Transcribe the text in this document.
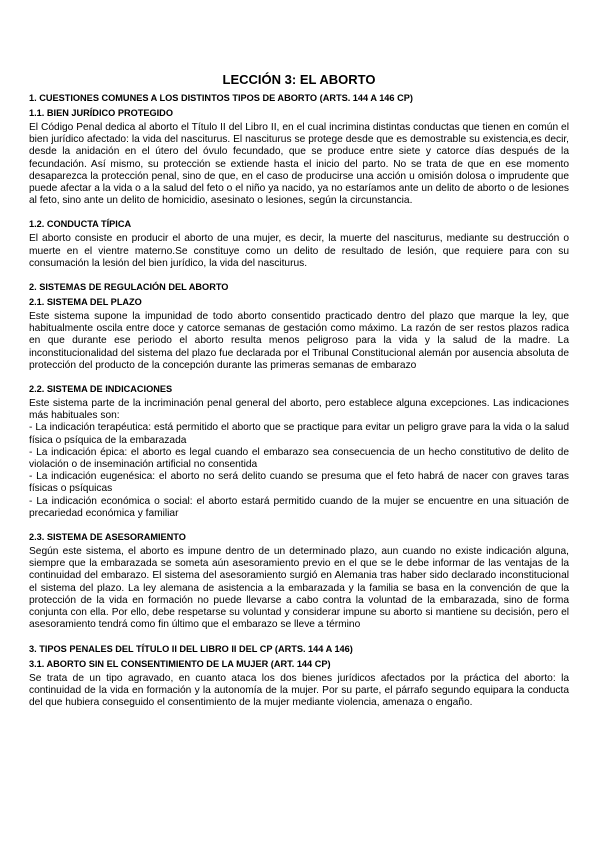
LECCIÓN 3: EL ABORTO
1. CUESTIONES COMUNES A LOS DISTINTOS TIPOS DE ABORTO (ARTS. 144 A 146 CP)
1.1. BIEN JURÍDICO PROTEGIDO

El Código Penal dedica al aborto el Título II del Libro II, en el cual incrimina distintas conductas que tienen en común el bien jurídico afectado: la vida del nasciturus. El nasciturus se protege desde que es demostrable su existencia,es decir, desde la anidación en el útero del óvulo fecundado, que se produce entre siete y catorce días después de la fecundación. Así mismo, su protección se extiende hasta el inicio del parto. No se trata de que en ese momento desaparezca la protección penal, sino de que, en el caso de producirse una acción u omisión dolosa o imprudente que puede afectar a la vida o a la salud del feto o el niño ya nacido, ya no estaríamos ante un delito de aborto o de lesiones al feto, sino ante un delito de homicidio, asesinato o lesiones, según la circunstancia.

1.2. CONDUCTA TÍPICA

El aborto consiste en producir el aborto de una mujer, es decir, la muerte del nasciturus, mediante su destrucción o muerte en el vientre materno.Se constituye como un delito de resultado de lesión, que requiere para con su consumación la lesión del bien jurídico, la vida del nasciturus.

2. SISTEMAS DE REGULACIÓN DEL ABORTO
2.1. SISTEMA DEL PLAZO

Este sistema supone la impunidad de todo aborto consentido practicado dentro del plazo que marque la ley, que habitualmente oscila entre doce y catorce semanas de gestación como máximo. La razón de ser restos plazos radica en que durante ese periodo el aborto resulta menos peligroso para la vida y la salud de la madre. La inconstitucionalidad del sistema del plazo fue declarada por el Tribunal Constitucional alemán por ausencia absoluta de protección del producto de la concepción durante las primeras semanas de embarazo

2.2. SISTEMA DE INDICACIONES

Este sistema parte de la incriminación penal general del aborto, pero establece alguna excepciones. Las indicaciones más habituales son:

- La indicación terapéutica: está permitido el aborto que se practique para evitar un peligro grave para la vida o la salud física o psíquica de la embarazada

- La indicación épica: el aborto es legal cuando el embarazo sea consecuencia de un hecho constitutivo de delito de violación o de inseminación artificial no consentida

- La indicación eugenésica: el aborto no será delito cuando se presuma que el feto habrá de nacer con graves taras físicas o psíquicas

- La indicación económica o social: el aborto estará permitido cuando de la mujer se encuentre en una situación de precariedad económica y familiar

2.3. SISTEMA DE ASESORAMIENTO

Según este sistema, el aborto es impune dentro de un determinado plazo, aun cuando no existe indicación alguna, siempre que la embarazada se someta aún asesoramiento previo en el que se le debe informar de las ventajas de la continuidad del embarazo. El sistema del asesoramiento surgió en Alemania tras haber sido declarado inconstitucional el sistema del plazo. La ley alemana de asistencia a la embarazada y la familia se basa en la convención de que la protección de la vida en formación no puede llevarse a cabo contra la voluntad de la embarazada, sino de forma conjunta con ella. Por ello, debe respetarse su voluntad y considerar impune su aborto si mantiene su decisión, pero el asesoramiento tendrá como fin último que el embarazo se lleve a término

3. TIPOS PENALES DEL TÍTULO II DEL LIBRO II DEL CP (ARTS. 144 A 146)
3.1. ABORTO SIN EL CONSENTIMIENTO DE LA MUJER (ART. 144 CP)

Se trata de un tipo agravado, en cuanto ataca los dos bienes jurídicos afectados por la práctica del aborto: la continuidad de la vida en formación y la autonomía de la mujer. Por su parte, el párrafo segundo equipara la conducta del que hubiera conseguido el consentimiento de la mujer mediante violencia, amenaza o engaño.
